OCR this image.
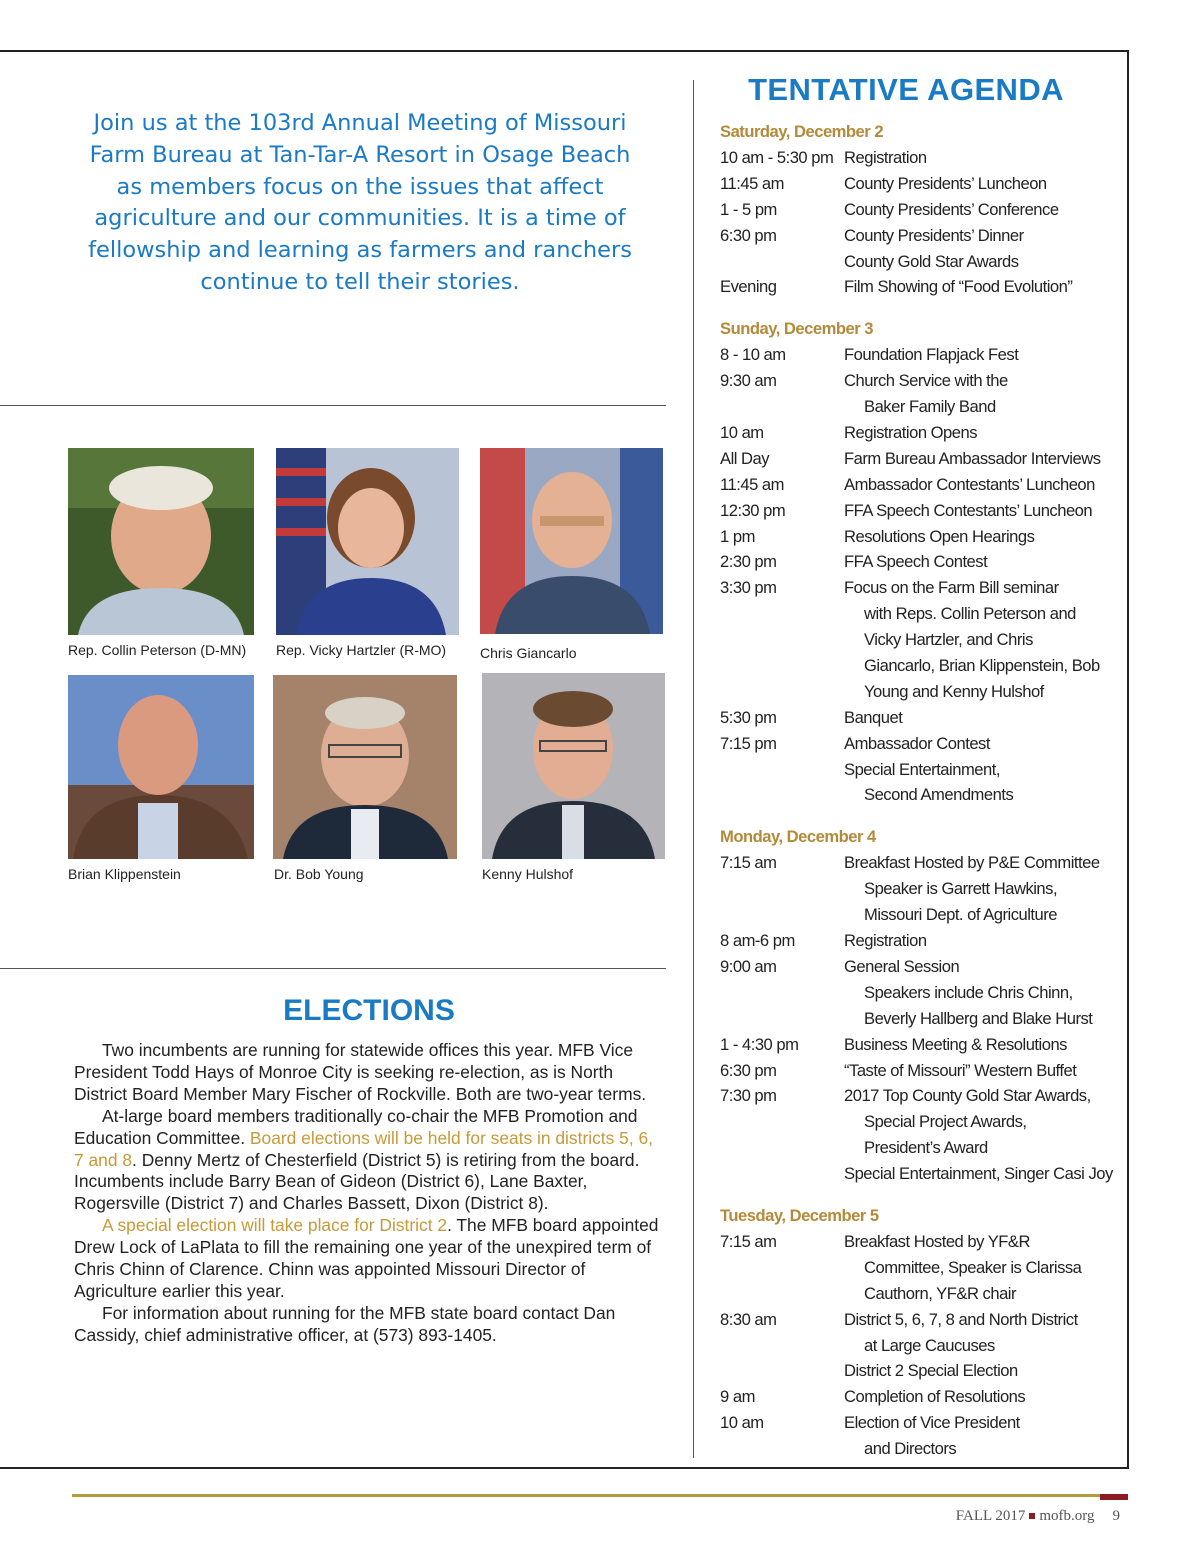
Join us at the 103rd Annual Meeting of Missouri Farm Bureau at Tan-Tar-A Resort in Osage Beach as members focus on the issues that affect agriculture and our communities. It is a time of fellowship and learning as farmers and ranchers continue to tell their stories.
Rep. Collin Peterson (D-MN) Rep. Vicky Hartzler (R-MO) Chris Giancarlo
Brian Klippenstein	Dr. Bob Young	Kenny Hulshof
ELECTIONS

Two incumbents are running for statewide offices this year. MFB Vice President Todd Hays of Monroe City is seeking re-election, as is North District Board Member Mary Fischer of Rockville. Both are two-year terms.

At-large board members traditionally co-chair the MFB Promotion and Education Committee. Board elections will be held for seats in districts 5, 6, 7 and 8. Denny Mertz of Chesterfield (District 5) is retiring from the board. Incumbents include Barry Bean of Gideon (District 6), Lane Baxter, Rogersville (District 7) and Charles Bassett, Dixon (District 8).

A special election will take place for District 2. The MFB board appointed Drew Lock of LaPlata to fill the remaining one year of the unexpired term of Chris Chinn of Clarence. Chinn was appointed Missouri Director of Agriculture earlier this year.

For information about running for the MFB state board contact Dan Cassidy, chief administrative officer, at (573) 893-1405.

TENTATIVE AGENDA
Saturday, December 2
10 am - 5:30 pm Registration
11:45 am	County Presidents’ Luncheon
1 - 5 pm	County Presidents’ Conference
6:30 pm	County Presidents’ Dinner
County Gold Star Awards
Evening	Film Showing of “Food Evolution”
Sunday, December 3
8 - 10 am	Foundation Flapjack Fest
9:30 am	Church Service with the
Baker Family Band
10 am	Registration Opens
All Day	Farm Bureau Ambassador Interviews
11:45 am	Ambassador Contestants’ Luncheon
12:30 pm	FFA Speech Contestants’ Luncheon
1 pm	Resolutions Open Hearings
2:30 pm	FFA Speech Contest
3:30 pm	Focus on the Farm Bill seminar
with Reps. Collin Peterson and
Vicky Hartzler, and Chris
Giancarlo, Brian Klippenstein, Bob
Young and Kenny Hulshof
5:30 pm	Banquet
7:15 pm	Ambassador Contest
Special Entertainment,
Second Amendments
Monday, December 4
7:15 am	Breakfast Hosted by P&E Committee
Speaker is Garrett Hawkins,
Missouri Dept. of Agriculture
8 am-6 pm	Registration
9:00 am	General Session
Speakers include Chris Chinn,
Beverly Hallberg and Blake Hurst
1 - 4:30 pm	Business Meeting & Resolutions
6:30 pm	“Taste of Missouri” Western Buffet
7:30 pm	2017 Top County Gold Star Awards,
Special Project Awards,
President’s Award
Special Entertainment, Singer Casi Joy
Tuesday, December 5
7:15 am	Breakfast Hosted by YF&R
Committee, Speaker is Clarissa
Cauthorn, YF&R chair
8:30 am	District 5, 6, 7, 8 and North District
at Large Caucuses
District 2 Special Election
9 am	Completion of Resolutions
10 am	Election of Vice President
and Directors
FALL 2017 mofb.org 9
